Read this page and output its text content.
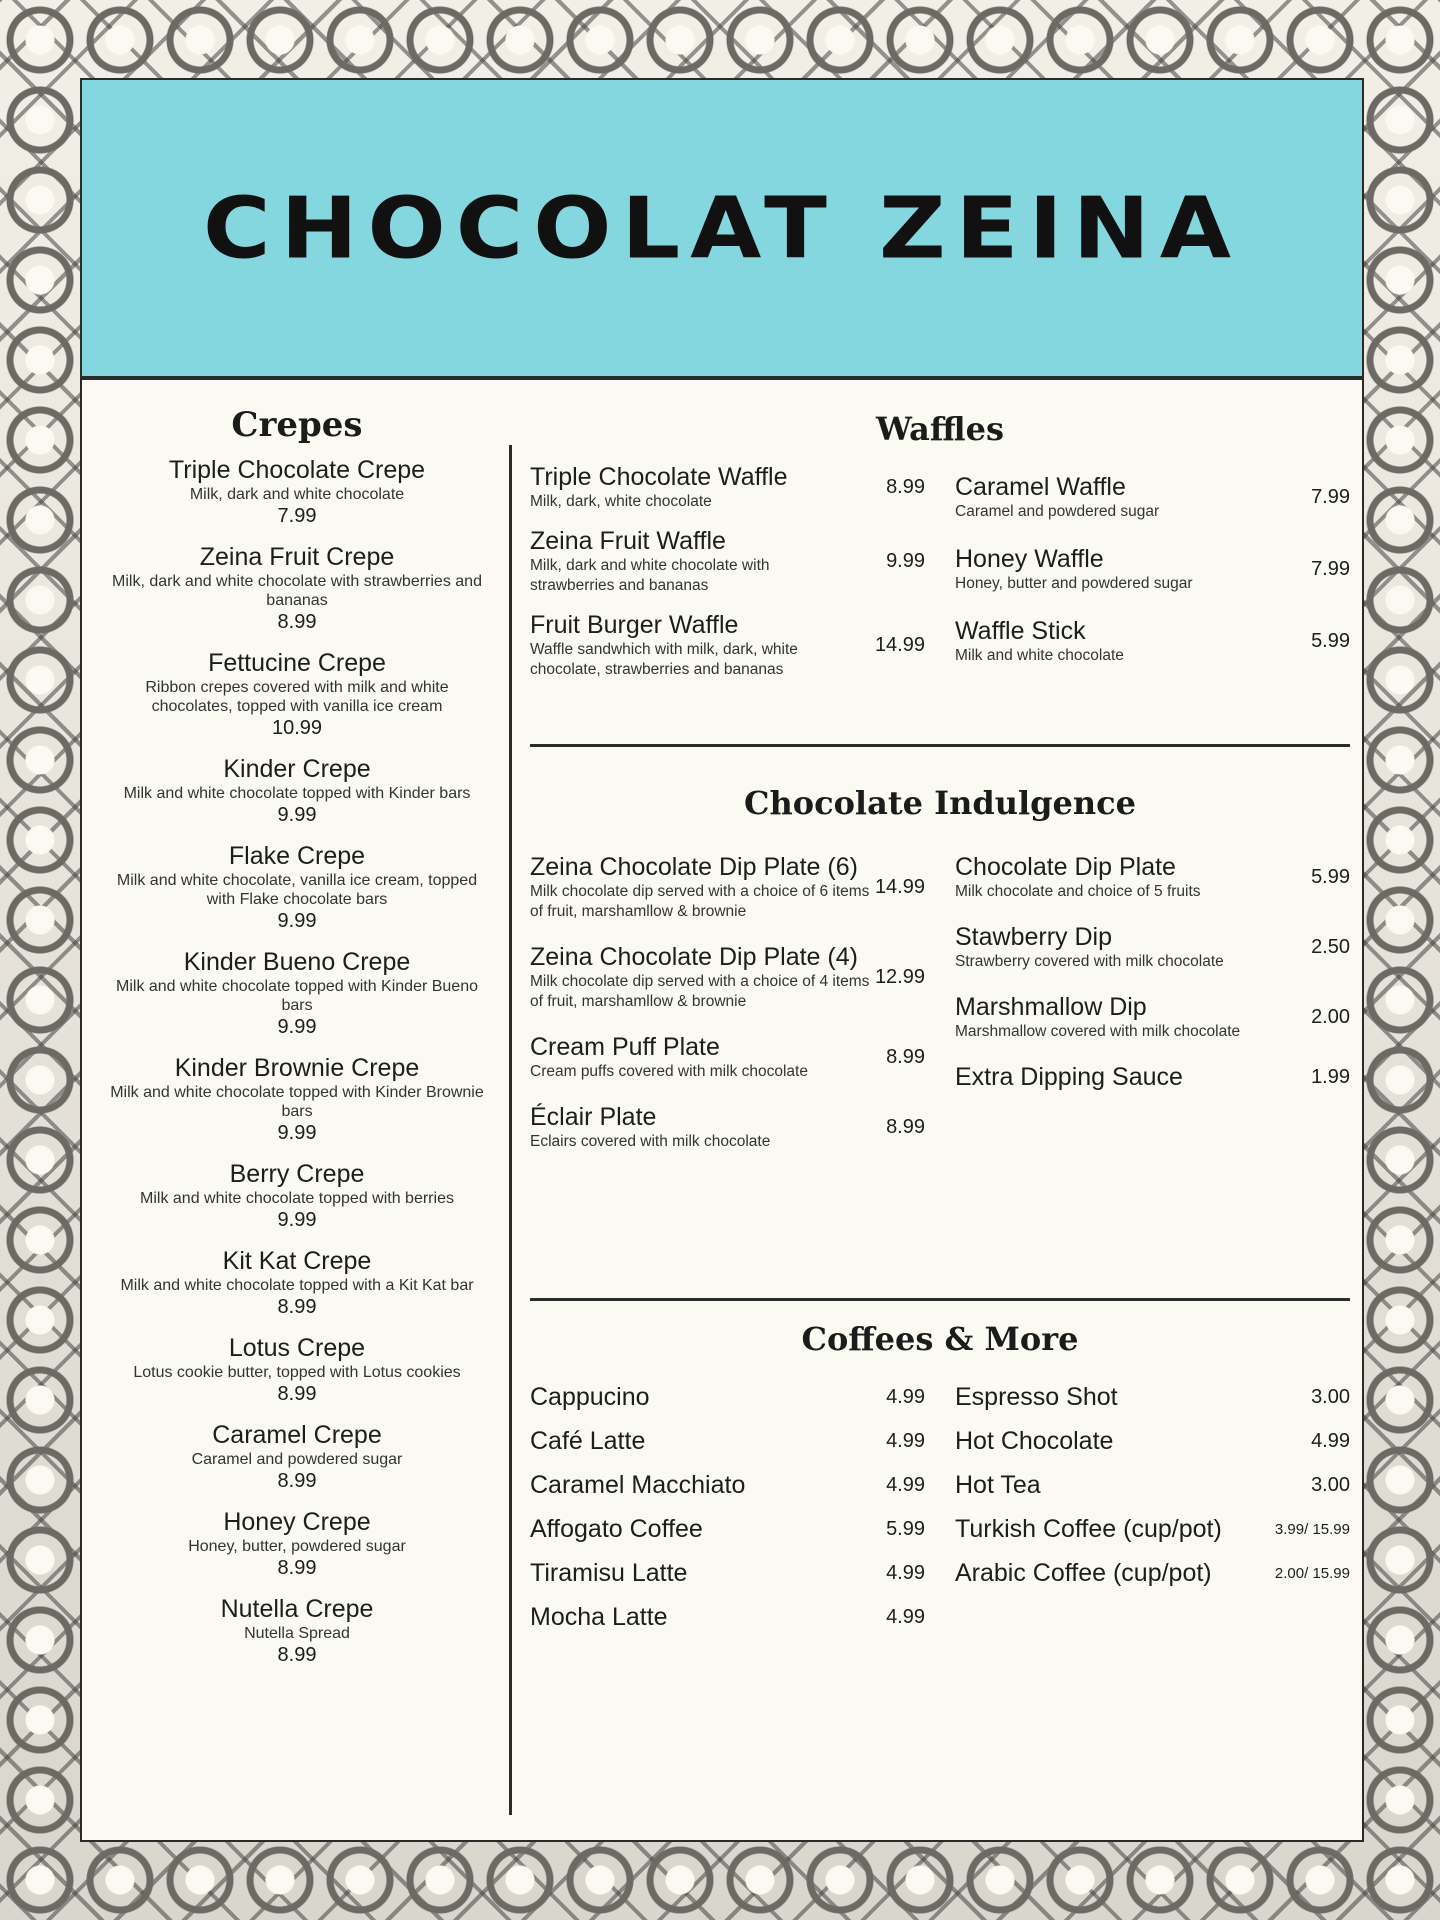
CHOCOLAT ZEINA
Crepes
Triple Chocolate Crepe
Milk, dark and white chocolate
7.99
Zeina Fruit Crepe
Milk, dark and white chocolate with strawberries and bananas
8.99
Fettucine Crepe
Ribbon crepes covered with milk and white chocolates, topped with vanilla ice cream
10.99
Kinder Crepe
Milk and white chocolate topped with Kinder bars
9.99
Flake Crepe
Milk and white chocolate, vanilla ice cream, topped with Flake chocolate bars
9.99
Kinder Bueno Crepe
Milk and white chocolate topped with Kinder Bueno bars
9.99
Kinder Brownie Crepe
Milk and white chocolate topped with Kinder Brownie bars
9.99
Berry Crepe
Milk and white chocolate topped with berries
9.99
Kit Kat Crepe
Milk and white chocolate topped with a Kit Kat bar
8.99
Lotus Crepe
Lotus cookie butter, topped with Lotus cookies
8.99
Caramel Crepe
Caramel and powdered sugar
8.99
Honey Crepe
Honey, butter, powdered sugar
8.99
Nutella Crepe
Nutella Spread
8.99
Waffles
Triple Chocolate Waffle
Milk, dark, white chocolate
8.99
Zeina Fruit Waffle
Milk, dark and white chocolate with strawberries and bananas
9.99
Fruit Burger Waffle
Waffle sandwhich with milk, dark, white chocolate, strawberries and bananas
14.99
Caramel Waffle
Caramel and powdered sugar
7.99
Honey Waffle
Honey, butter and powdered sugar
7.99
Waffle Stick
Milk and white chocolate
5.99
Chocolate Indulgence
Zeina Chocolate Dip Plate (6)
Milk chocolate dip served with a choice of 6 items of fruit, marshamllow & brownie
14.99
Zeina Chocolate Dip Plate (4)
Milk chocolate dip served with a choice of 4 items of fruit, marshamllow & brownie
12.99
Cream Puff Plate
Cream puffs covered with milk chocolate
8.99
Éclair Plate
Eclairs covered with milk chocolate
8.99
Chocolate Dip Plate
Milk chocolate and choice of 5 fruits
5.99
Stawberry Dip
Strawberry covered with milk chocolate
2.50
Marshmallow Dip
Marshmallow covered with milk chocolate
2.00
Extra Dipping Sauce	1.99
Coffees & More
Cappucino	4.99
Café Latte	4.99
Caramel Macchiato	4.99
Affogato Coffee	5.99
Tiramisu Latte	4.99
Mocha Latte	4.99
Espresso Shot	3.00
Hot Chocolate	4.99
Hot Tea	3.00
Turkish Coffee (cup/pot)	3.99/ 15.99
Arabic Coffee (cup/pot)	2.00/ 15.99
